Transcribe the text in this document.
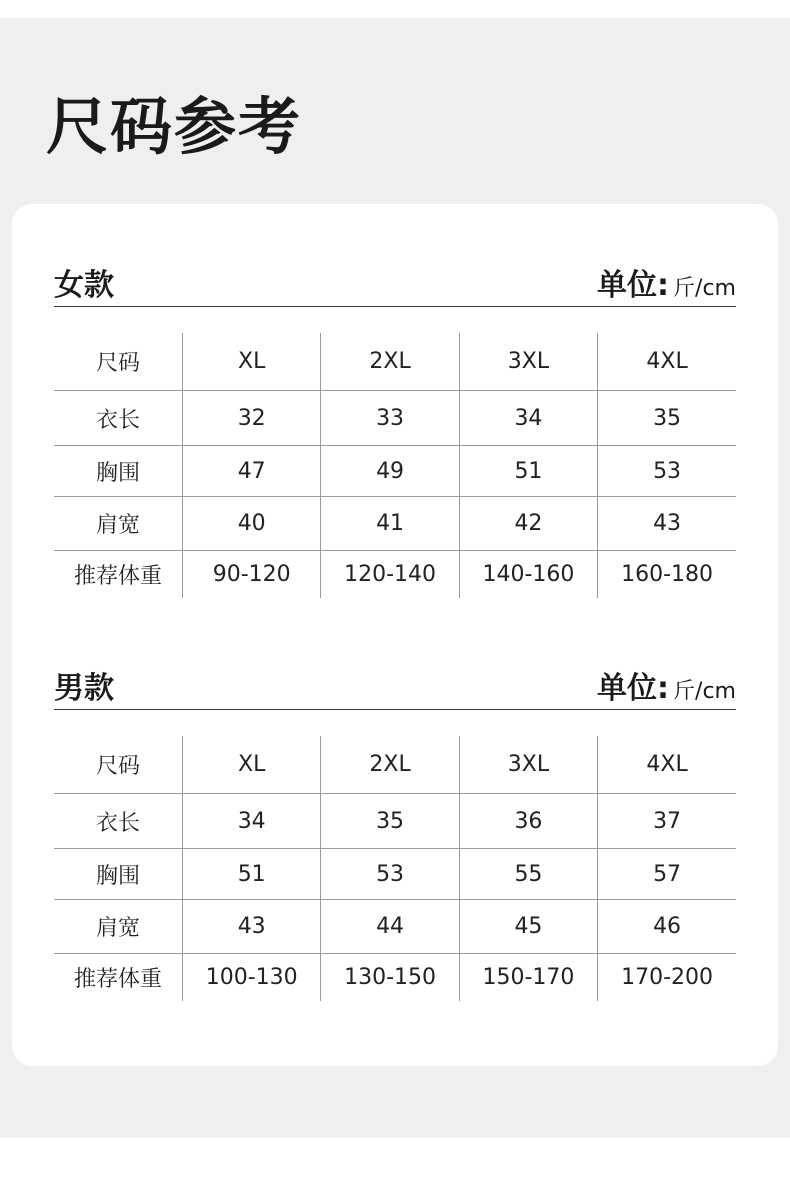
尺码参考
女款	单位: 斤/cm
尺码	XL	2XL	3XL	4XL
衣长	32	33	34	35
胸围	47	49	51	53
肩宽	40	41	42	43
推荐体重	90-120	120-140	140-160	160-180
男款	单位: 斤/cm
尺码	XL	2XL	3XL	4XL
衣长	34	35	36	37
胸围	51	53	55	57
肩宽	43	44	45	46
推荐体重	100-130	130-150	150-170	170-200
